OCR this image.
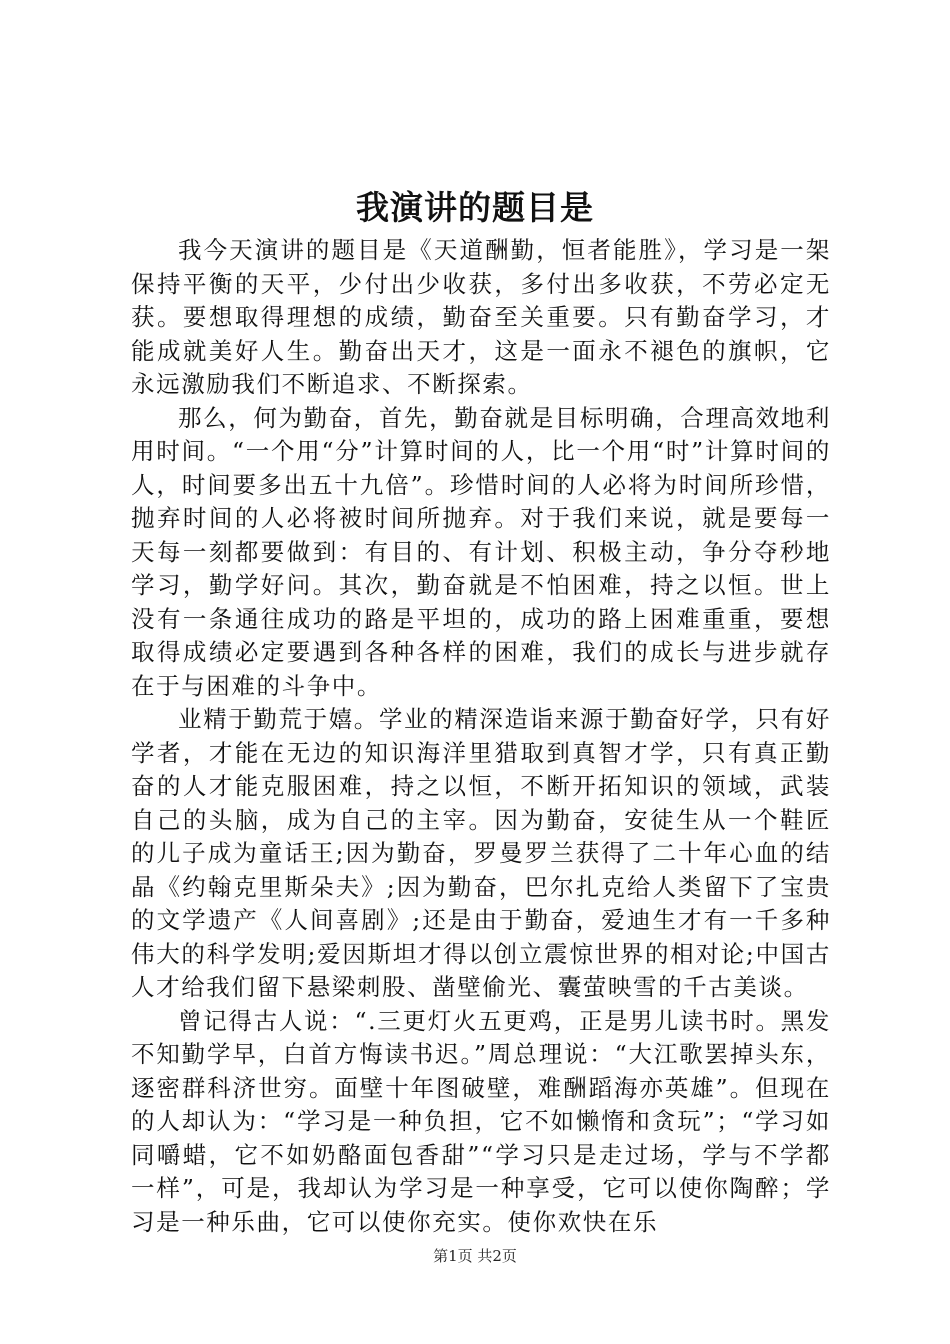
我演讲的题目是

我今天演讲的题目是《天道酬勤，恒者能胜》，学习是一架保持平衡的天平，少付出少收获，多付出多收获，不劳必定无获。要想取得理想的成绩，勤奋至关重要。只有勤奋学习，才能成就美好人生。勤奋出天才，这是一面永不褪色的旗帜，它永远激励我们不断追求、不断探索。

那么，何为勤奋，首先，勤奋就是目标明确，合理高效地利用时间。“一个用“分”计算时间的人，比一个用“时”计算时间的人，时间要多出五十九倍”。珍惜时间的人必将为时间所珍惜，抛弃时间的人必将被时间所抛弃。对于我们来说，就是要每一天每一刻都要做到：有目的、有计划、积极主动，争分夺秒地学习，勤学好问。其次，勤奋就是不怕困难，持之以恒。世上没有一条通往成功的路是平坦的，成功的路上困难重重，要想取得成绩必定要遇到各种各样的困难，我们的成长与进步就存在于与困难的斗争中。

业精于勤荒于嬉。学业的精深造诣来源于勤奋好学，只有好学者，才能在无边的知识海洋里猎取到真智才学，只有真正勤奋的人才能克服困难，持之以恒，不断开拓知识的领域，武装自己的头脑，成为自己的主宰。因为勤奋，安徒生从一个鞋匠的儿子成为童话王;因为勤奋，罗曼罗兰获得了二十年心血的结晶《约翰克里斯朵夫》;因为勤奋，巴尔扎克给人类留下了宝贵的文学遗产《人间喜剧》;还是由于勤奋，爱迪生才有一千多种伟大的科学发明;爱因斯坦才得以创立震惊世界的相对论;中国古人才给我们留下悬梁刺股、凿壁偷光、囊萤映雪的千古美谈。

曾记得古人说：“.三更灯火五更鸡，正是男儿读书时。黑发不知勤学早，白首方悔读书迟。”周总理说：“大江歌罢掉头东，逐密群科济世穷。面壁十年图破壁，难酬蹈海亦英雄”。但现在的人却认为：“学习是一种负担，它不如懒惰和贪玩”；“学习如同嚼蜡，它不如奶酪面包香甜”“学习只是走过场，学与不学都一样”，可是，我却认为学习是一种享受，它可以使你陶醉；学习是一种乐曲，它可以使你充实。使你欢快在乐

第1页 共2页
